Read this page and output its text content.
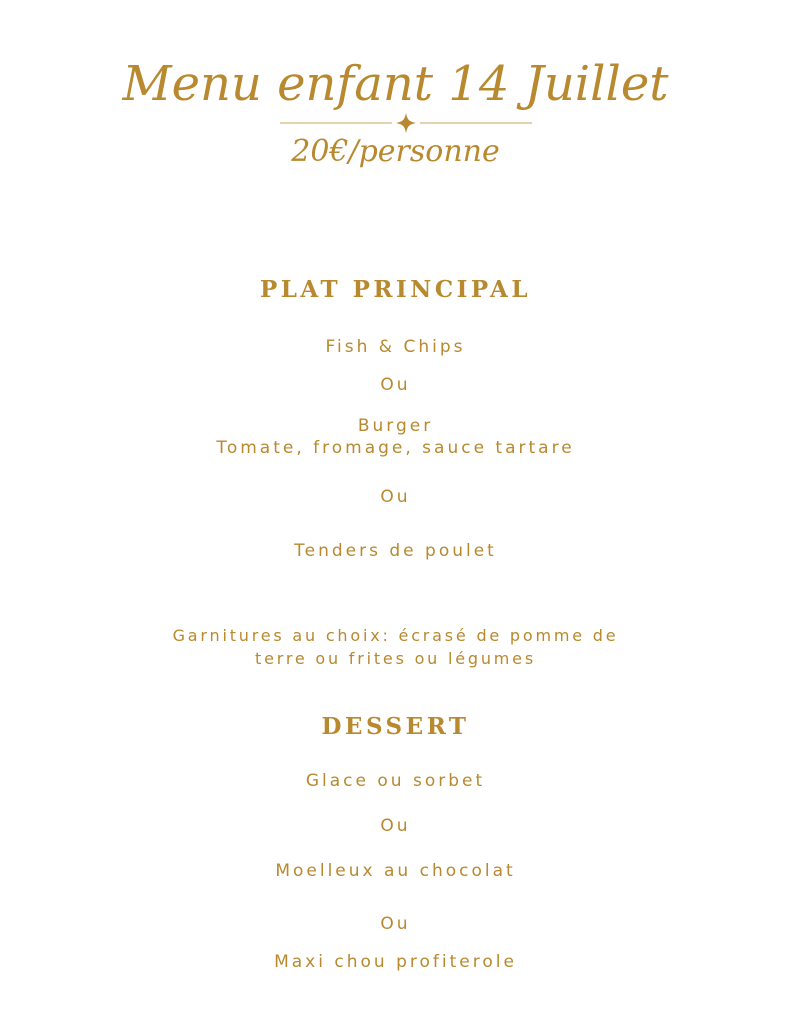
Menu enfant 14 Juillet
20€/personne
PLAT PRINCIPAL
Fish & Chips
Ou
Burger
Tomate, fromage, sauce tartare
Ou
Tenders de poulet
Garnitures au choix: écrasé de pomme de
terre ou frites ou légumes
DESSERT
Glace ou sorbet
Ou
Moelleux au chocolat
Ou
Maxi chou profiterole
